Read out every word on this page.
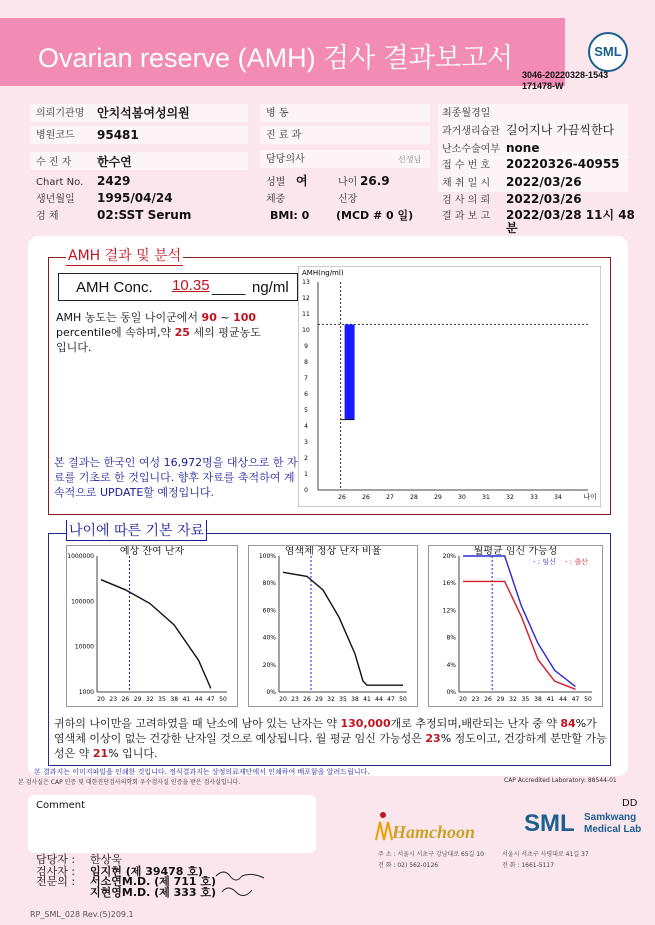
Ovarian reserve (AMH) 검사 결과보고서	SML
3046-20220328-1543
171478-W
의뢰기관명 안치석봄여성의원
병원코드 95481
수 진 자 한수연
Chart No. 2429
생년월일 1995/04/24
검 체	02:SST Serum
병 동
진 료 과
담당의사	선생님
성별 여	나이 26.9
체중	신장
BMI: 0 (MCD # 0 일)
최종월경일
과거생리습관 길어지나 가끔씩한다
난소수술여부 none
접 수 번 호 20220326-40955
채 취 일 시 2022/03/26
검 사 의 뢰 2022/03/26
결 과 보 고 2022/03/28 11시 48
분
AMH 결과 및 분석
AMH Conc. 10.35 ____ ng/ml
AMH 농도는 동일 나이군에서 90 ~ 100
percentile에 속하며,약 25 세의 평균농도
입니다.
본 결과는 한국인 여성 16,972명을 대상으로 한 자료를 기초로 한 것입니다. 향후 자료를 축적하여 계속적으로 UPDATE할 예정입니다.
AMH(ng/ml)
0
1
2
3
4
5
6
7
8
9
10
11
12
13
26	26	27	28	29	30	31	32	33	34	나이
나이에 따른 기본 자료
20 23 26 29 32 35 38 41 44 47 50
1000
10000
100000
1000000	예상 잔여 난자
20 23 26 29 32 35 38 41 44 47 50
0%
20%
40%
60%
80%
100% 염색체 정상 난자 비율
20 23 26 29 32 35 38 41 44 47 50
0%
4%
8%
12%
16%
20% 월평균 임신 가능성
- : 임신 - : 출산
귀하의 나이만을 고려하였을 때 난소에 남아 있는 난자는 약 130,000개로 추정되며,배란되는 난자 중 약 84%가 염색체 이상이 없는 건강한 난자일 것으로 예상됩니다. 월 평균 임신 가능성은 23% 정도이고, 건강하게 분만할 가능성은 약 21% 입니다.
본 결과지는 이미지파일을 인쇄한 것입니다. 정식결과지는 상정의료재단에서 인쇄하여 배포함을 알려드립니다.
본 검사실은 CAP 인증 및 대한진단검사의학회 우수검사실 인증을 받은 검사실입니다.	CAP Accredited Laboratory: 88544-01
Comment	DD
담당자 : 한상욱
검사자 : 임지현 (제 39478 호)
전문의 : 서소연M.D. (제 711 호)
지현영M.D. (제 333 호)
Hamchoon
주 소 : 서울시 서초구 강남대로 65길 10
전 화 : 02) 562-0126
SML Samkwang
Medical Lab
서울시 서초구 사평대로 41길 37
전 화 : 1661-5117
RP_SML_028 Rev.(5)209.1
